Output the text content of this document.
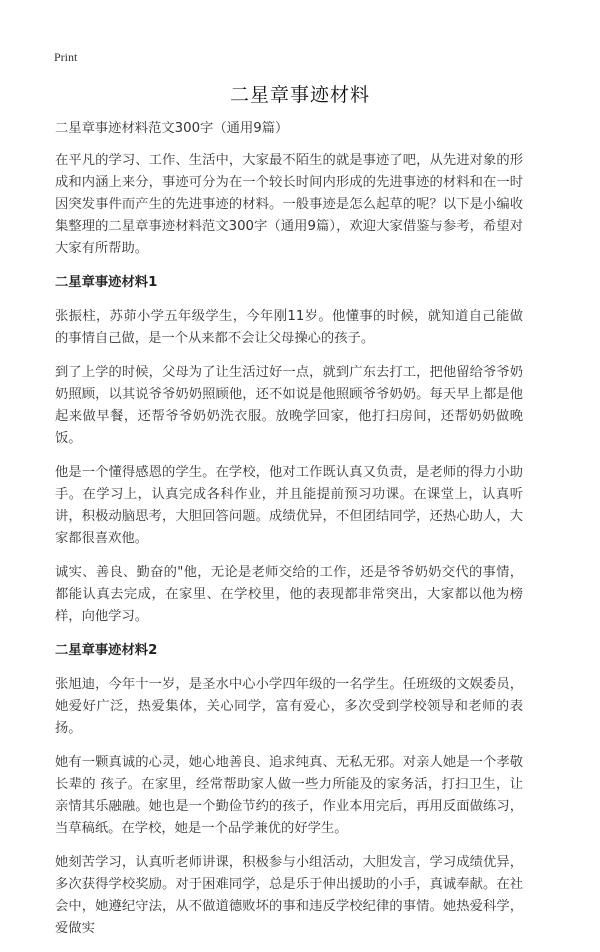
Print
二星章事迹材料

二星章事迹材料范文300字（通用9篇）

在平凡的学习、工作、生活中，大家最不陌生的就是事迹了吧，从先进对象的形成和内涵上来分，事迹可分为在一个较长时间内形成的先进事迹的材料和在一时因突发事件而产生的先进事迹的材料。一般事迹是怎么起草的呢？以下是小编收集整理的二星章事迹材料范文300字（通用9篇），欢迎大家借鉴与参考，希望对大家有所帮助。

二星章事迹材料1

张振柱，苏茆小学五年级学生，今年刚11岁。他懂事的时候，就知道自己能做的事情自己做，是一个从来都不会让父母操心的孩子。

到了上学的时候，父母为了让生活过好一点，就到广东去打工，把他留给爷爷奶奶照顾，以其说爷爷奶奶照顾他，还不如说是他照顾爷爷奶奶。每天早上都是他起来做早餐，还帮爷爷奶奶洗衣服。放晚学回家，他打扫房间，还帮奶奶做晚饭。

他是一个懂得感恩的学生。在学校，他对工作既认真又负责，是老师的得力小助手。在学习上，认真完成各科作业，并且能提前预习功课。在课堂上，认真听讲，积极动脑思考，大胆回答问题。成绩优异，不但团结同学，还热心助人，大家都很喜欢他。

诚实、善良、勤奋的"他，无论是老师交给的工作，还是爷爷奶奶交代的事情，都能认真去完成，在家里、在学校里，他的表现都非常突出，大家都以他为榜样，向他学习。

二星章事迹材料2

张旭迪，今年十一岁，是圣水中心小学四年级的一名学生。任班级的文娱委员，她爱好广泛，热爱集体，关心同学，富有爱心，多次受到学校领导和老师的表扬。

她有一颗真诚的心灵，她心地善良、追求纯真、无私无邪。对亲人她是一个孝敬长辈的 孩子。在家里，经常帮助家人做一些力所能及的家务活，打扫卫生，让亲情其乐融融。她也是一个勤俭节约的孩子，作业本用完后，再用反面做练习，当草稿纸。在学校，她是一个品学兼优的好学生。

她刻苦学习，认真听老师讲课，积极参与小组活动，大胆发言，学习成绩优异，多次获得学校奖励。对于困难同学，总是乐于伸出援助的小手，真诚奉献。在社会中，她遵纪守法，从不做道德败坏的事和违反学校纪律的事情。她热爱科学，爱做实
